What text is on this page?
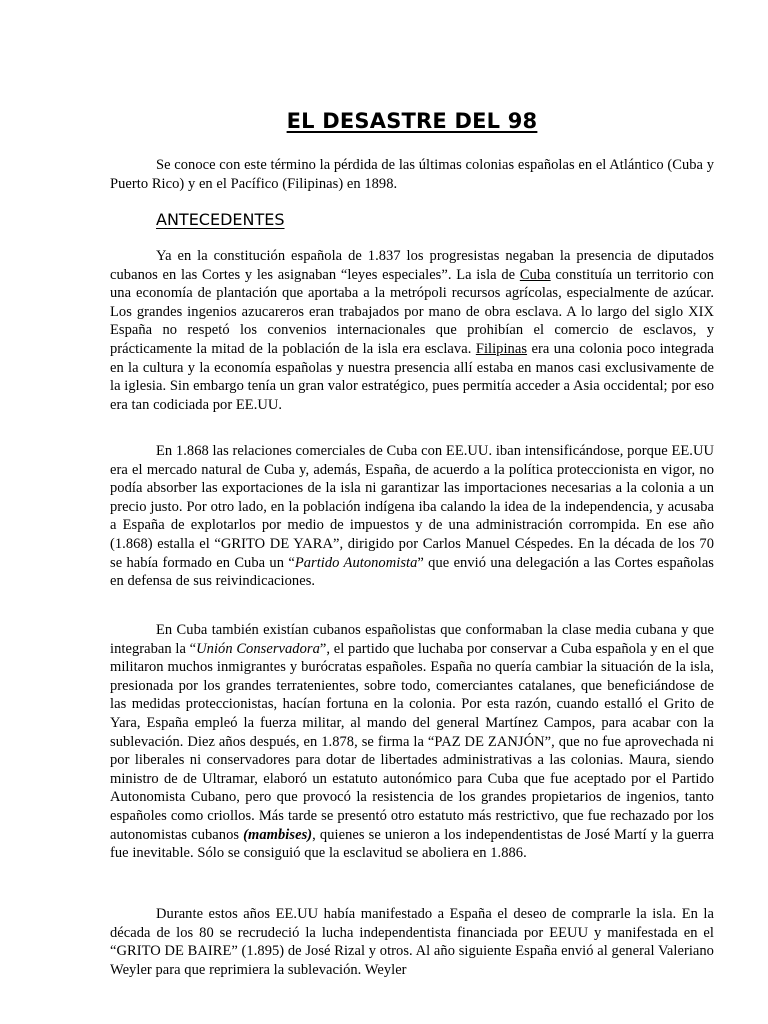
EL DESASTRE DEL 98

Se conoce con este término la pérdida de las últimas colonias españolas en el Atlántico (Cuba y Puerto Rico) y en el Pacífico (Filipinas) en 1898.

ANTECEDENTES

Ya en la constitución española de 1.837 los progresistas negaban la presencia de diputados cubanos en las Cortes y les asignaban “leyes especiales”. La isla de Cuba constituía un territorio con una economía de plantación que aportaba a la metrópoli recursos agrícolas, especialmente de azúcar. Los grandes ingenios azucareros eran trabajados por mano de obra esclava. A lo largo del siglo XIX España no respetó los convenios internacionales que prohibían el comercio de esclavos, y prácticamente la mitad de la población de la isla era esclava. Filipinas era una colonia poco integrada en la cultura y la economía españolas y nuestra presencia allí estaba en manos casi exclusivamente de la iglesia. Sin embargo tenía un gran valor estratégico, pues permitía acceder a Asia occidental; por eso era tan codiciada por EE.UU.

En 1.868 las relaciones comerciales de Cuba con EE.UU. iban intensificándose, porque EE.UU era el mercado natural de Cuba y, además, España, de acuerdo a la política proteccionista en vigor, no podía absorber las exportaciones de la isla ni garantizar las importaciones necesarias a la colonia a un precio justo. Por otro lado, en la población indígena iba calando la idea de la independencia, y acusaba a España de explotarlos por medio de impuestos y de una administración corrompida. En ese año (1.868) estalla el “GRITO DE YARA”, dirigido por Carlos Manuel Céspedes. En la década de los 70 se había formado en Cuba un “Partido Autonomista” que envió una delegación a las Cortes españolas en defensa de sus reivindicaciones.

En Cuba también existían cubanos españolistas que conformaban la clase media cubana y que integraban la “Unión Conservadora”, el partido que luchaba por conservar a Cuba española y en el que militaron muchos inmigrantes y burócratas españoles. España no quería cambiar la situación de la isla, presionada por los grandes terratenientes, sobre todo, comerciantes catalanes, que beneficiándose de las medidas proteccionistas, hacían fortuna en la colonia. Por esta razón, cuando estalló el Grito de Yara, España empleó la fuerza militar, al mando del general Martínez Campos, para acabar con la sublevación. Diez años después, en 1.878, se firma la “PAZ DE ZANJÓN”, que no fue aprovechada ni por liberales ni conservadores para dotar de libertades administrativas a las colonias. Maura, siendo ministro de de Ultramar, elaboró un estatuto autonómico para Cuba que fue aceptado por el Partido Autonomista Cubano, pero que provocó la resistencia de los grandes propietarios de ingenios, tanto españoles como criollos. Más tarde se presentó otro estatuto más restrictivo, que fue rechazado por los autonomistas cubanos (mambises), quienes se unieron a los independentistas de José Martí y la guerra fue inevitable. Sólo se consiguió que la esclavitud se aboliera en 1.886.

Durante estos años EE.UU había manifestado a España el deseo de comprarle la isla. En la década de los 80 se recrudeció la lucha independentista financiada por EEUU y manifestada en el “GRITO DE BAIRE” (1.895) de José Rizal y otros. Al año siguiente España envió al general Valeriano Weyler para que reprimiera la sublevación. Weyler
